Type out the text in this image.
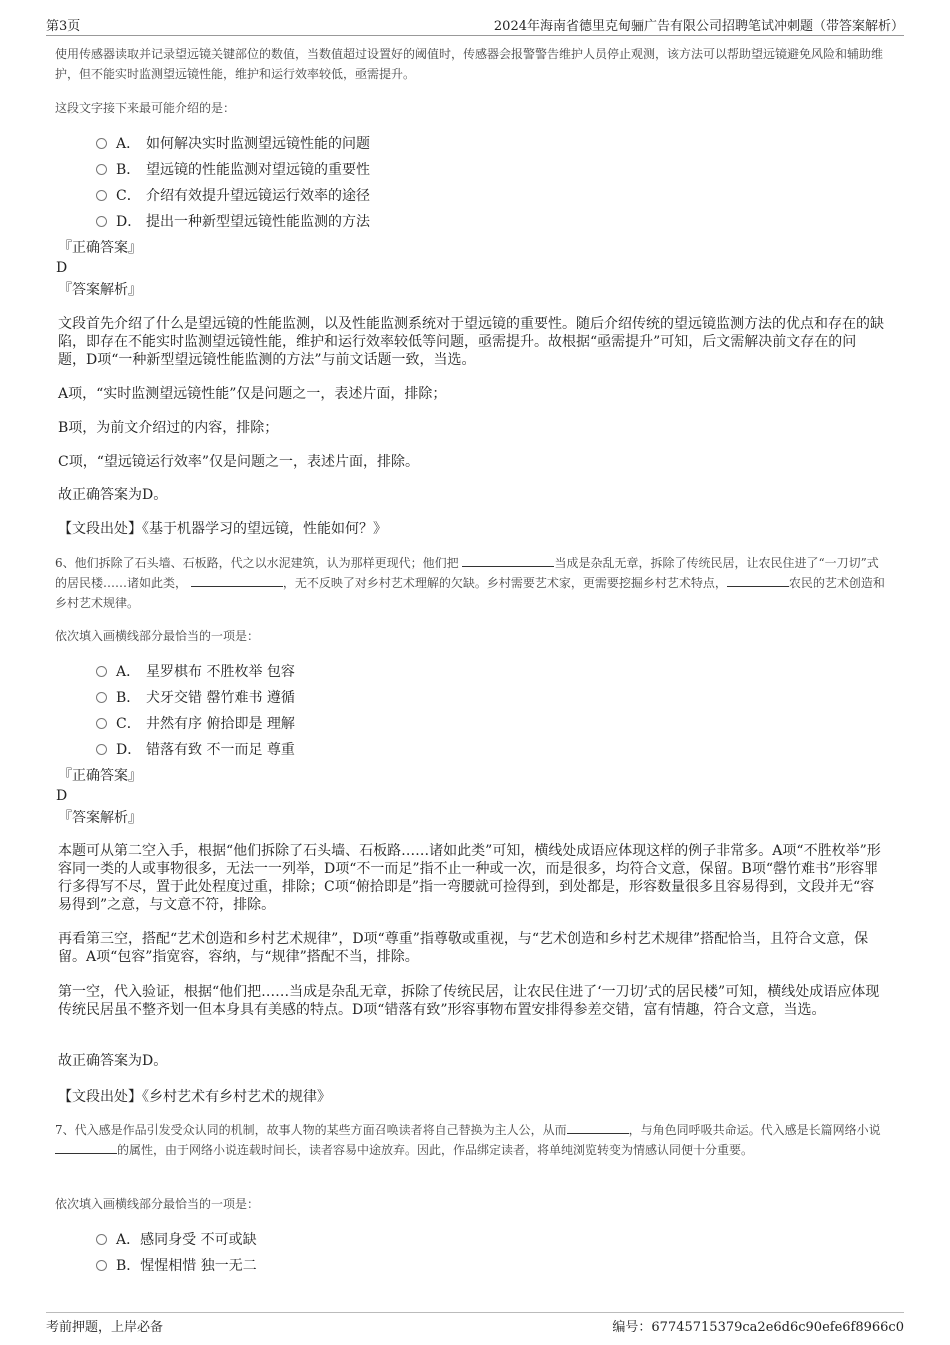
第3页	2024年海南省德里克甸骊广告有限公司招聘笔试冲刺题（带答案解析）
使用传感器读取并记录望远镜关键部位的数值，当数值超过设置好的阈值时，传感器会报警警告维护人员停止观测，该方法可以帮助望远镜避免风险和辅助维护，但不能实时监测望远镜性能，维护和运行效率较低，亟需提升。
这段文字接下来最可能介绍的是：
A． 如何解决实时监测望远镜性能的问题
B． 望远镜的性能监测对望远镜的重要性
C． 介绍有效提升望远镜运行效率的途径
D． 提出一种新型望远镜性能监测的方法
『正确答案』
D
『答案解析』
文段首先介绍了什么是望远镜的性能监测，以及性能监测系统对于望远镜的重要性。随后介绍传统的望远镜监测方法的优点和存在的缺陷，即存在不能实时监测望远镜性能，维护和运行效率较低等问题，亟需提升。故根据“亟需提升”可知，后文需解决前文存在的问题，D项“一种新型望远镜性能监测的方法”与前文话题一致，当选。
A项，“实时监测望远镜性能”仅是问题之一，表述片面，排除；
B项，为前文介绍过的内容，排除；
C项，“望远镜运行效率”仅是问题之一，表述片面，排除。
故正确答案为D。
【文段出处】《基于机器学习的望远镜，性能如何？》
6、他们拆除了石头墙、石板路，代之以水泥建筑，认为那样更现代；他们把	当成是杂乱无章，拆除了传统民居，让农民住进了“一刀切”式的居民楼……诸如此类，	，无不反映了对乡村艺术理解的欠缺。乡村需要艺术家，更需要挖掘乡村艺术特点，	农民的艺术创造和乡村艺术规律。
依次填入画横线部分最恰当的一项是：
A． 星罗棋布 不胜枚举 包容
B． 犬牙交错 罄竹难书 遵循
C． 井然有序 俯拾即是 理解
D． 错落有致 不一而足 尊重
『正确答案』
D
『答案解析』
本题可从第二空入手，根据“他们拆除了石头墙、石板路……诸如此类”可知，横线处成语应体现这样的例子非常多。A项“不胜枚举”形容同一类的人或事物很多，无法一一列举，D项“不一而足”指不止一种或一次，而是很多，均符合文意，保留。B项“罄竹难书”形容罪行多得写不尽，置于此处程度过重，排除；C项“俯拾即是”指一弯腰就可捡得到，到处都是，形容数量很多且容易得到，文段并无“容易得到”之意，与文意不符，排除。
再看第三空，搭配“艺术创造和乡村艺术规律”，D项“尊重”指尊敬或重视，与“艺术创造和乡村艺术规律”搭配恰当，且符合文意，保留。A项“包容”指宽容，容纳，与“规律”搭配不当，排除。
第一空，代入验证，根据“他们把……当成是杂乱无章，拆除了传统民居，让农民住进了‘一刀切’式的居民楼”可知，横线处成语应体现传统民居虽不整齐划一但本身具有美感的特点。D项“错落有致”形容事物布置安排得参差交错，富有情趣，符合文意，当选。
故正确答案为D。
【文段出处】《乡村艺术有乡村艺术的规律》
7、代入感是作品引发受众认同的机制，故事人物的某些方面召唤读者将自己替换为主人公，从而	，与角色同呼吸共命运。代入感是长篇网络小说的属性，由于网络小说连载时间长，读者容易中途放弃。因此，作品绑定读者，将单纯浏览转变为情感认同便十分重要。
依次填入画横线部分最恰当的一项是：
A．感同身受 不可或缺
B．惺惺相惜 独一无二
考前押题，上岸必备	编号：67745715379ca2e6d6c90efe6f8966c0
